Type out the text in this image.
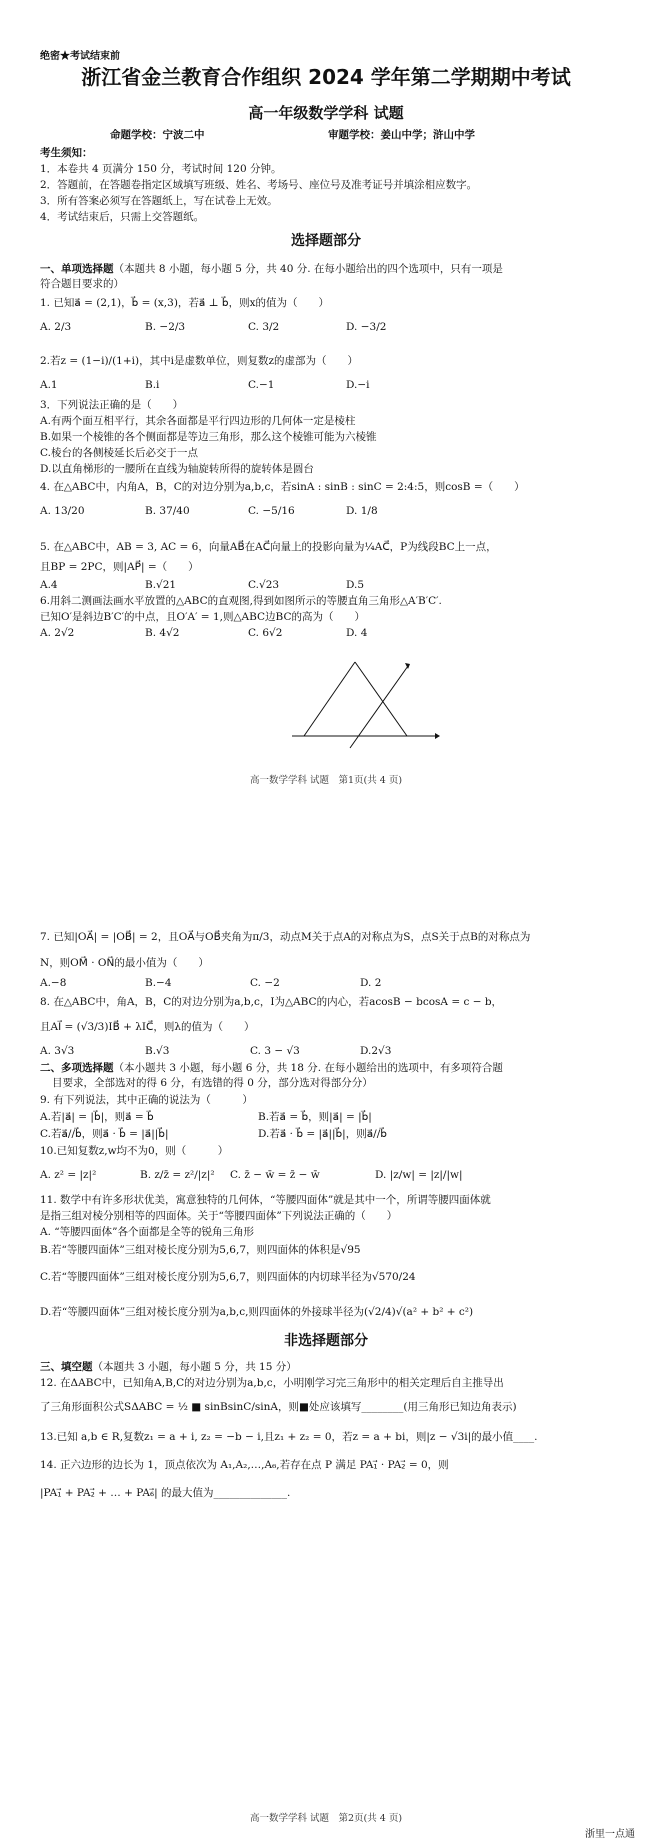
绝密★考试结束前
浙江省金兰教育合作组织 2024 学年第二学期期中考试
高一年级数学学科 试题
命题学校：宁波二中	审题学校：姜山中学；浒山中学
考生须知：
1．本卷共 4 页满分 150 分，考试时间 120 分钟。
2．答题前，在答题卷指定区域填写班级、姓名、考场号、座位号及准考证号并填涂相应数字。
3．所有答案必须写在答题纸上，写在试卷上无效。
4．考试结束后，只需上交答题纸。
选择题部分
一、单项选择题（本题共 8 小题，每小题 5 分，共 40 分. 在每小题给出的四个选项中，只有一项是
符合题目要求的）
1. 已知a⃗ = (2,1)，b⃗ = (x,3)，若a⃗ ⊥ b⃗，则x的值为（　　）
A. 2/3	B. −2/3	C. 3/2	D. −3/2
2.若z = (1−i)/(1+i)，其中i是虚数单位，则复数z的虚部为（　　）
A.1	B.i	C.−1	D.−i
3．下列说法正确的是（　　）
A.有两个面互相平行，其余各面都是平行四边形的几何体一定是棱柱
B.如果一个棱锥的各个侧面都是等边三角形，那么这个棱锥可能为六棱锥
C.棱台的各侧棱延长后必交于一点
D.以直角梯形的一腰所在直线为轴旋转所得的旋转体是圆台
4. 在△ABC中，内角A，B，C的对边分别为a,b,c，若sinA : sinB : sinC = 2:4:5，则cosB =（　　）
A. 13/20	B. 37/40	C. −5/16	D. 1/8
5. 在△ABC中，AB = 3, AC = 6，向量AB⃗在AC⃗向量上的投影向量为¼AC⃗，P为线段BC上一点，
且BP = 2PC，则|AP⃗| =（　　）
A.4	B.√21	C.√23	D.5
6.用斜二测画法画水平放置的△ABC的直观图,得到如图所示的等腰直角三角形△A′B′C′.
已知O′是斜边B′C′的中点，且O′A′ = 1,则△ABC边BC的高为（　　）
A. 2√2	B. 4√2	C. 6√2	D. 4
高一数学学科 试题　第1页(共 4 页)
7. 已知|OA⃗| = |OB⃗| = 2，且OA⃗与OB⃗夹角为π/3，动点M关于点A的对称点为S，点S关于点B的对称点为
N，则OM⃗ · ON⃗的最小值为（　　）
A.−8	B.−4	C. −2	D. 2
8. 在△ABC中，角A，B，C的对边分别为a,b,c，I为△ABC的内心，若acosB − bcosA = c − b，
且AI⃗ = (√3/3)IB⃗ + λIC⃗，则λ的值为（　　）
A. 3√3	B.√3	C. 3 − √3	D.2√3
二、多项选择题（本小题共 3 小题，每小题 6 分，共 18 分. 在每小题给出的选项中，有多项符合题
目要求，全部选对的得 6 分，有选错的得 0 分，部分选对得部分分）
9. 有下列说法，其中正确的说法为（　　　）
A.若|a⃗| = |b⃗|，则a⃗ = b⃗	B.若a⃗ = b⃗，则|a⃗| = |b⃗|
C.若a⃗//b⃗，则a⃗ · b⃗ = |a⃗||b⃗|	D.若a⃗ · b⃗ = |a⃗||b⃗|，则a⃗//b⃗
10.已知复数z,w均不为0，则（　　　）
A. z² = |z|²	B. z/z̄ = z²/|z|² C. z̄ − w̄ = z̄ − w̄	D. |z/w| = |z|/|w|
11. 数学中有许多形状优美，寓意独特的几何体，“等腰四面体”就是其中一个，所谓等腰四面体就
是指三组对棱分别相等的四面体。关于“等腰四面体”下列说法正确的（　　）
A. “等腰四面体”各个面都是全等的锐角三角形
B.若“等腰四面体”三组对棱长度分别为5,6,7，则四面体的体积是√95
C.若“等腰四面体”三组对棱长度分别为5,6,7，则四面体的内切球半径为√570/24
D.若“等腰四面体”三组对棱长度分别为a,b,c,则四面体的外接球半径为(√2/4)√(a² + b² + c²)
非选择题部分
三、填空题（本题共 3 小题，每小题 5 分，共 15 分）
12. 在ΔABC中，已知角A,B,C的对边分别为a,b,c，小明刚学习完三角形中的相关定理后自主推导出
了三角形面积公式SΔABC = ½ ■ sinBsinC/sinA，则■处应该填写________(用三角形已知边角表示)
13.已知 a,b ∈ R,复数z₁ = a + i, z₂ = −b − i,且z₁ + z₂ = 0，若z = a + bi，则|z − √3i|的最小值____.
14. 正六边形的边长为 1，顶点依次为 A₁,A₂,…,A₆,若存在点 P 满足 PA₁⃗ · PA₂⃗ = 0，则
|PA₁⃗ + PA₂⃗ + … + PA₆⃗| 的最大值为______________.
高一数学学科 试题　第2页(共 4 页)
浙里一点通
